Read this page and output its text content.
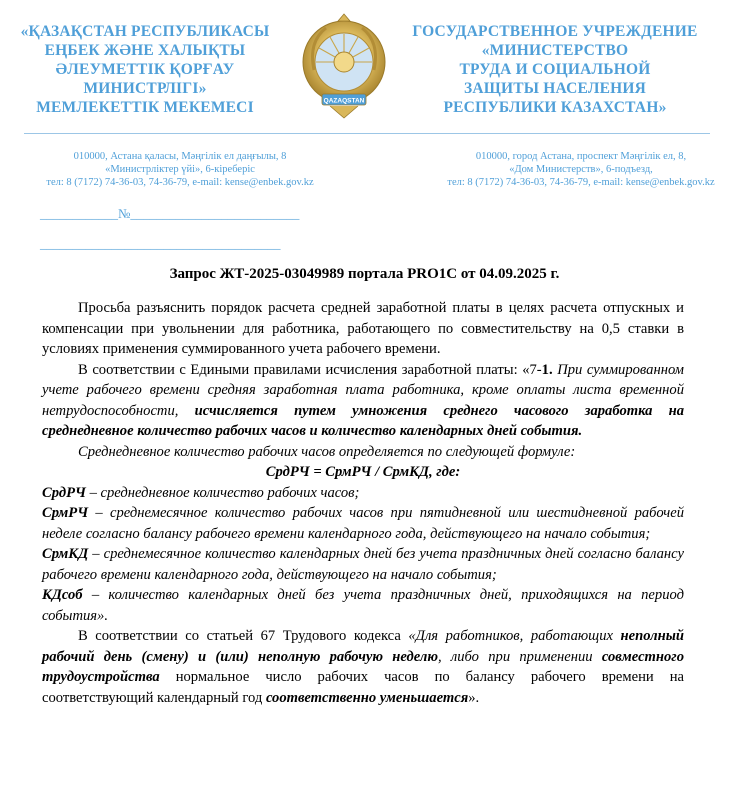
«ҚАЗАҚСТАН РЕСПУБЛИКАСЫ
ЕҢБЕК ЖӘНЕ ХАЛЫҚТЫ
ӘЛЕУМЕТТІК ҚОРҒАУ
МИНИСТРЛІГІ»
МЕМЛЕКЕТТІК МЕКЕМЕСІ	QAZAQSTAN
ГОСУДАРСТВЕННОЕ УЧРЕЖДЕНИЕ
«МИНИСТЕРСТВО
ТРУДА И СОЦИАЛЬНОЙ
ЗАЩИТЫ НАСЕЛЕНИЯ
РЕСПУБЛИКИ КАЗАХСТАН»
010000, Астана қаласы, Мәңгілік ел даңғылы, 8
«Министрліктер үйі», 6-кіреберіс
тел: 8 (7172) 74-36-03, 74-36-79, e-mail: kense@enbek.gov.kz
010000, город Астана, проспект Мәңгілік ел, 8,
«Дом Министерств», 6-подъезд,
тел: 8 (7172) 74-36-03, 74-36-79, e-mail: kense@enbek.gov.kz
____________№__________________________
_____________________________________
Запрос ЖТ-2025-03049989 портала PRO1C от 04.09.2025 г.

Просьба разъяснить порядок расчета средней заработной платы в целях расчета отпускных и компенсации при увольнении для работника, работающего по совместительству на 0,5 ставки в условиях применения суммированного учета рабочего времени.

В соответствии с Едиными правилами исчисления заработной платы: «7-1. При суммированном учете рабочего времени средняя заработная плата работника, кроме оплаты листа временной нетрудоспособности, исчисляется путем умножения среднего часового заработка на среднедневное количество рабочих часов и количество календарных дней события.

Среднедневное количество рабочих часов определяется по следующей формуле:

СрдРЧ = СрмРЧ / СрмКД, где:

СрдРЧ – среднедневное количество рабочих часов;

СрмРЧ – среднемесячное количество рабочих часов при пятидневной или шестидневной рабочей неделе согласно балансу рабочего времени календарного года, действующего на начало события;

СрмКД – среднемесячное количество календарных дней без учета праздничных дней согласно балансу рабочего времени календарного года, действующего на начало события;

КДсоб – количество календарных дней без учета праздничных дней, приходящихся на период события».

В соответствии со статьей 67 Трудового кодекса «Для работников, работающих неполный рабочий день (смену) и (или) неполную рабочую неделю, либо при применении совместного трудоустройства нормальное число рабочих часов по балансу рабочего времени на соответствующий календарный год соответственно уменьшается».
